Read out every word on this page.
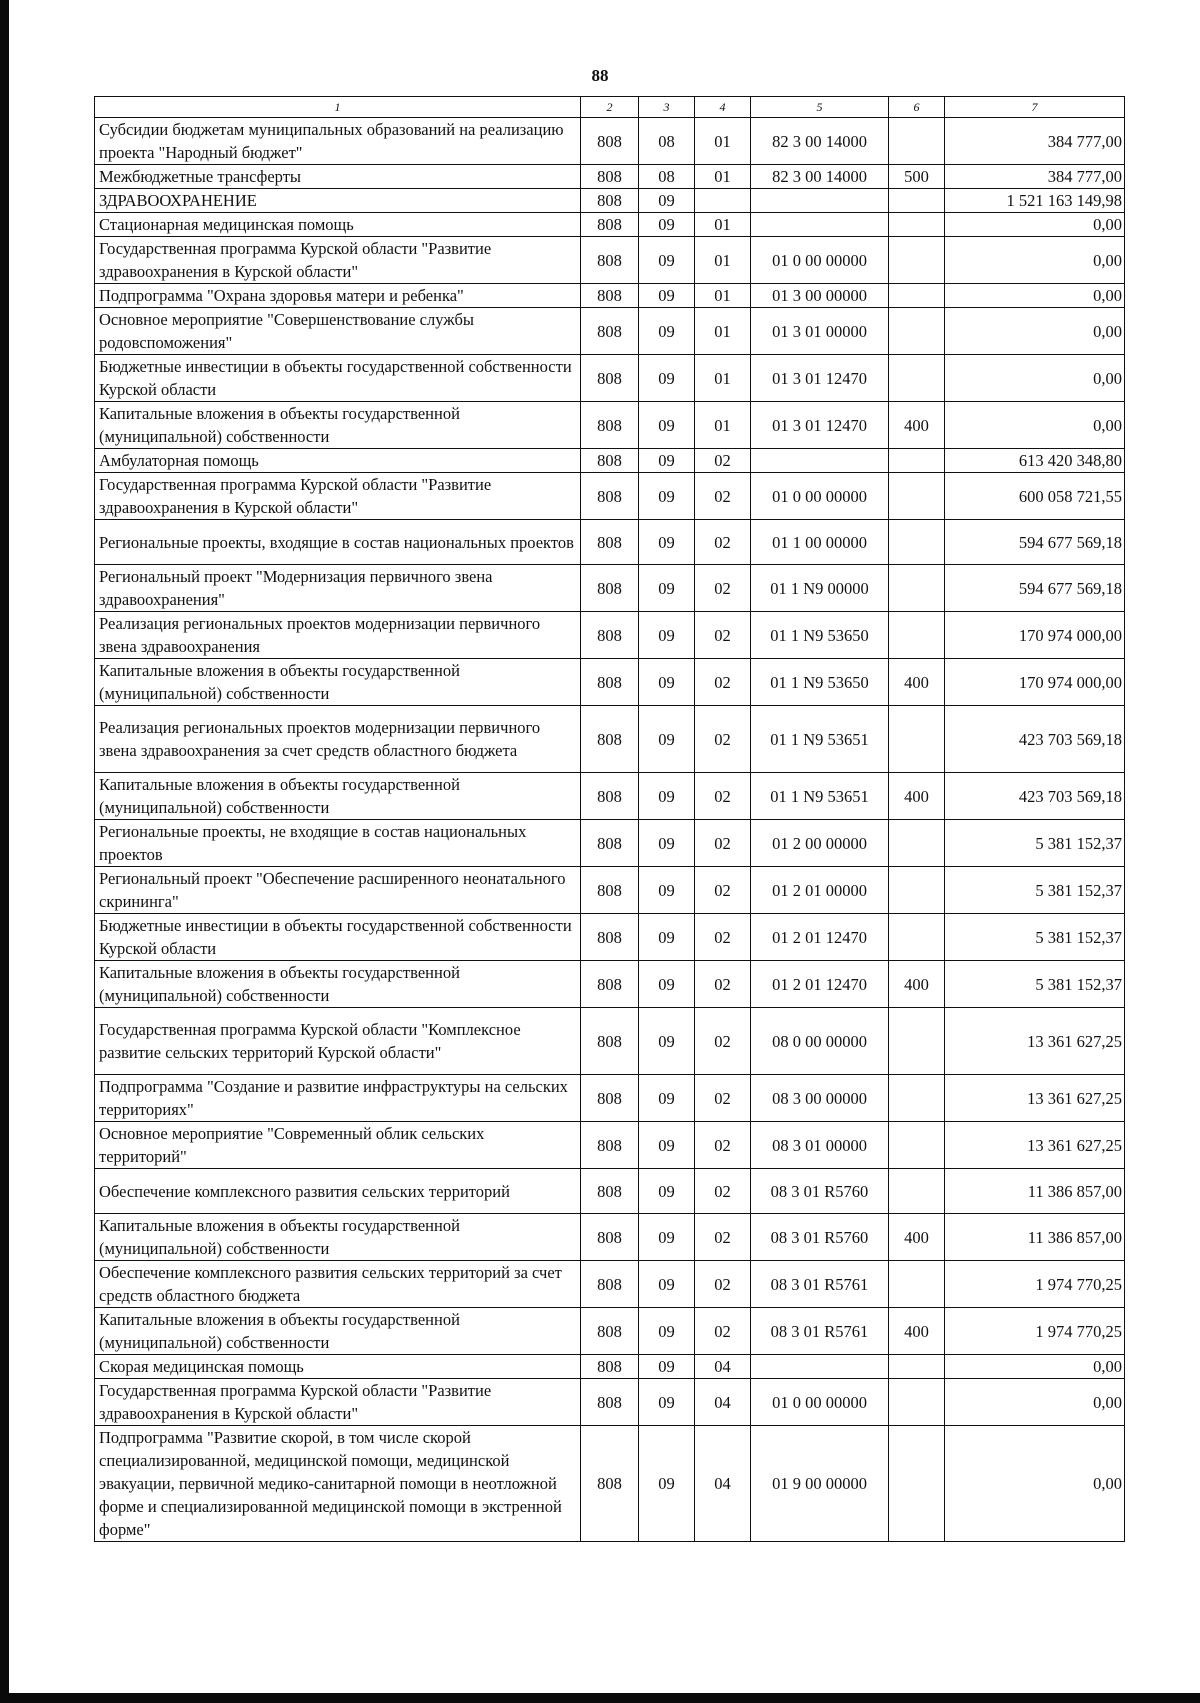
88
1	2	3	4	5	6	7
Субсидии бюджетам муниципальных образований на реализацию проекта "Народный бюджет"	808	08	01	82 3 00 14000		384 777,00
Межбюджетные трансферты	808	08	01	82 3 00 14000	500	384 777,00
ЗДРАВООХРАНЕНИЕ	808	09				1 521 163 149,98
Стационарная медицинская помощь	808	09	01			0,00
Государственная программа Курской области "Развитие здравоохранения в Курской области"	808	09	01	01 0 00 00000		0,00
Подпрограмма "Охрана здоровья матери и ребенка"	808	09	01	01 3 00 00000		0,00
Основное мероприятие "Совершенствование службы родовспоможения"	808	09	01	01 3 01 00000		0,00
Бюджетные инвестиции в объекты государственной собственности Курской области	808	09	01	01 3 01 12470		0,00
Капитальные вложения в объекты государственной (муниципальной) собственности	808	09	01	01 3 01 12470	400	0,00
Амбулаторная помощь	808	09	02			613 420 348,80
Государственная программа Курской области "Развитие здравоохранения в Курской области"	808	09	02	01 0 00 00000		600 058 721,55
Региональные проекты, входящие в состав национальных проектов	808	09	02	01 1 00 00000		594 677 569,18
Региональный проект "Модернизация первичного звена здравоохранения"	808	09	02	01 1 N9 00000		594 677 569,18
Реализация региональных проектов модернизации первичного звена здравоохранения	808	09	02	01 1 N9 53650		170 974 000,00
Капитальные вложения в объекты государственной (муниципальной) собственности	808	09	02	01 1 N9 53650	400	170 974 000,00
Реализация региональных проектов модернизации первичного звена здравоохранения за счет средств областного бюджета	808	09	02	01 1 N9 53651		423 703 569,18
Капитальные вложения в объекты государственной (муниципальной) собственности	808	09	02	01 1 N9 53651	400	423 703 569,18
Региональные проекты, не входящие в состав национальных проектов	808	09	02	01 2 00 00000		5 381 152,37
Региональный проект "Обеспечение расширенного неонатального скрининга"	808	09	02	01 2 01 00000		5 381 152,37
Бюджетные инвестиции в объекты государственной собственности Курской области	808	09	02	01 2 01 12470		5 381 152,37
Капитальные вложения в объекты государственной (муниципальной) собственности	808	09	02	01 2 01 12470	400	5 381 152,37
Государственная программа Курской области "Комплексное развитие сельских территорий Курской области"	808	09	02	08 0 00 00000		13 361 627,25
Подпрограмма "Создание и развитие инфраструктуры на сельских территориях"	808	09	02	08 3 00 00000		13 361 627,25
Основное мероприятие "Современный облик сельских территорий"	808	09	02	08 3 01 00000		13 361 627,25
Обеспечение комплексного развития сельских территорий	808	09	02	08 3 01 R5760		11 386 857,00
Капитальные вложения в объекты государственной (муниципальной) собственности	808	09	02	08 3 01 R5760	400	11 386 857,00
Обеспечение комплексного развития сельских территорий за счет средств областного бюджета	808	09	02	08 3 01 R5761		1 974 770,25
Капитальные вложения в объекты государственной (муниципальной) собственности	808	09	02	08 3 01 R5761	400	1 974 770,25
Скорая медицинская помощь	808	09	04			0,00
Государственная программа Курской области "Развитие здравоохранения в Курской области"	808	09	04	01 0 00 00000		0,00
Подпрограмма "Развитие скорой, в том числе скорой специализированной, медицинской помощи, медицинской эвакуации, первичной медико-санитарной помощи в неотложной форме и специализированной медицинской помощи в экстренной форме"	808	09	04	01 9 00 00000		0,00
